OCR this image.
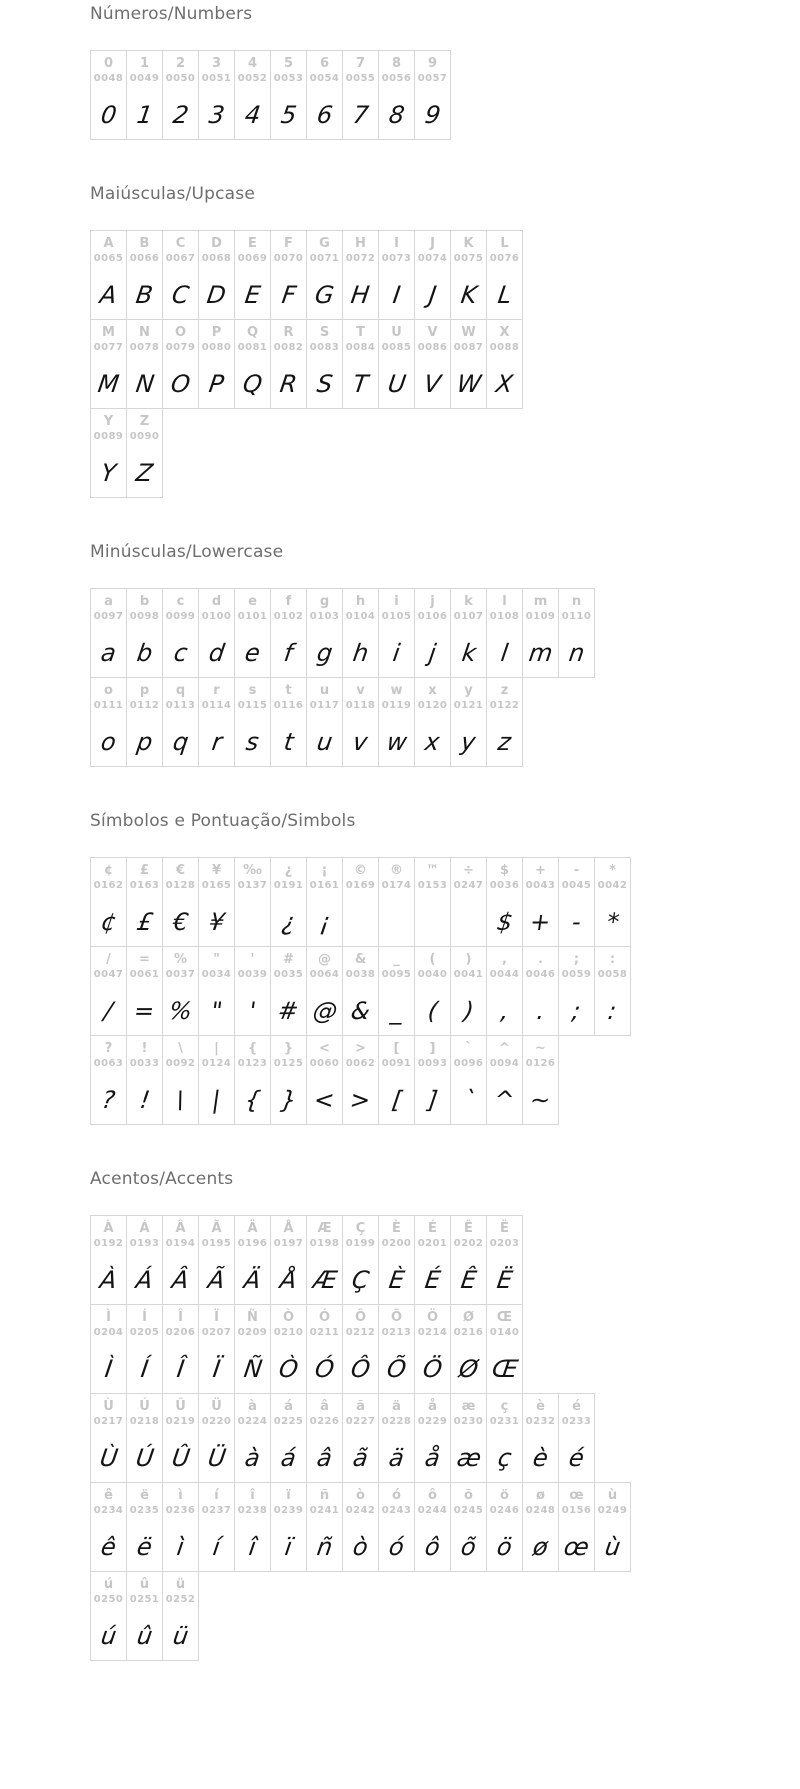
Números/Numbers
0
0048
0
1
0049
1
2
0050
2
3
0051
3
4
0052
4
5
0053
5
6
0054
6
7
0055
7
8
0056
8
9
0057
9
Maiúsculas/Upcase
A
0065
A
B
0066
B
C
0067
C
D
0068
D
E
0069
E
F
0070
F
G
0071
G
H
0072
H
I
0073
I
J
0074
J
K
0075
K
L
0076
L
M
0077
M
N
0078
N
O
0079
O
P
0080
P
Q
0081
Q
R
0082
R
S
0083
S
T
0084
T
U
0085
U
V
0086
V
W
0087
W
X
0088
X
Y
0089
Y
Z
0090
Z
Minúsculas/Lowercase
a
0097
a
b
0098
b
c
0099
c
d
0100
d
e
0101
e
f
0102
f
g
0103
g
h
0104
h
i
0105
i
j
0106
j
k
0107
k
l
0108
l
m
0109
m
n
0110
n
o
0111
o
p
0112
p
q
0113
q
r
0114
r
s
0115
s
t
0116
t
u
0117
u
v
0118
v
w
0119
w
x
0120
x
y
0121
y
z
0122
z
Símbolos e Pontuação/Simbols
¢
0162
¢
£
0163
£
€
0128
€
¥
0165
¥
‰
0137
¿
0191
¿
¡
0161
¡
©
0169
®
0174
™
0153
÷
0247
$
0036
$
+
0043
+
-
0045
-
*
0042
*
/
0047
/
=
0061
=
%
0037
%
"
0034
"
'
0039
'
#
0035
#
@
0064
@
&
0038
&
_
0095
_
(
0040
(
)
0041
)
,
0044
,
.
0046
.
;
0059
;
:
0058
:
?
0063
?
!
0033
!
\
0092
\
|
0124
|
{
0123
{
}
0125
}
<
0060
<
>
0062
>
[
0091
[
]
0093
]
`
0096
`
^
0094
^
~
0126
~
Acentos/Accents
À
0192
À
Á
0193
Á
Â
0194
Â
Ã
0195
Ã
Ä
0196
Ä
Å
0197
Å
Æ
0198
Æ
Ç
0199
Ç
È
0200
È
É
0201
É
Ê
0202
Ê
Ë
0203
Ë
Ì
0204
Ì
Í
0205
Í
Î
0206
Î
Ï
0207
Ï
Ñ
0209
Ñ
Ò
0210
Ò
Ó
0211
Ó
Ô
0212
Ô
Õ
0213
Õ
Ö
0214
Ö
Ø
0216
Ø
Œ
0140
Œ
Ù
0217
Ù
Ú
0218
Ú
Û
0219
Û
Ü
0220
Ü
à
0224
à
á
0225
á
â
0226
â
ã
0227
ã
ä
0228
ä
å
0229
å
æ
0230
æ
ç
0231
ç
è
0232
è
é
0233
é
ê
0234
ê
ë
0235
ë
ì
0236
ì
í
0237
í
î
0238
î
ï
0239
ï
ñ
0241
ñ
ò
0242
ò
ó
0243
ó
ô
0244
ô
õ
0245
õ
ö
0246
ö
ø
0248
ø
œ
0156
œ
ù
0249
ù
ú
0250
ú
û
0251
û
ü
0252
ü
